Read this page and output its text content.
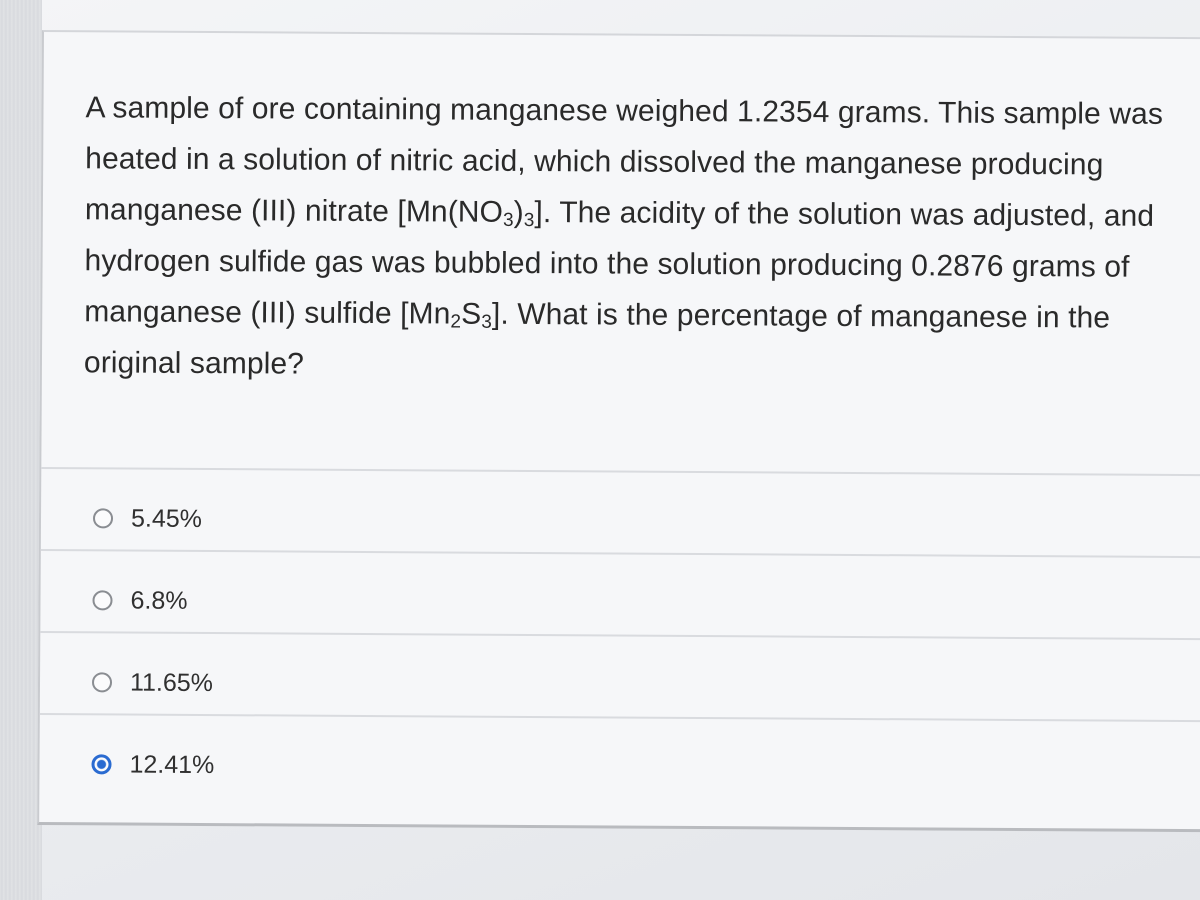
A sample of ore containing manganese weighed 1.2354 grams. This sample was heated in a solution of nitric acid, which dissolved the manganese producing manganese (III) nitrate $[Mn(NO_3)_3]$. The acidity of the solution was adjusted, and hydrogen sulfide gas was bubbled into the solution producing 0.2876 grams of manganese (III) sulfide $[Mn_2S_3]$. What is the percentage of manganese in the original sample?

5.45%
6.8%
11.65%
12.41%
